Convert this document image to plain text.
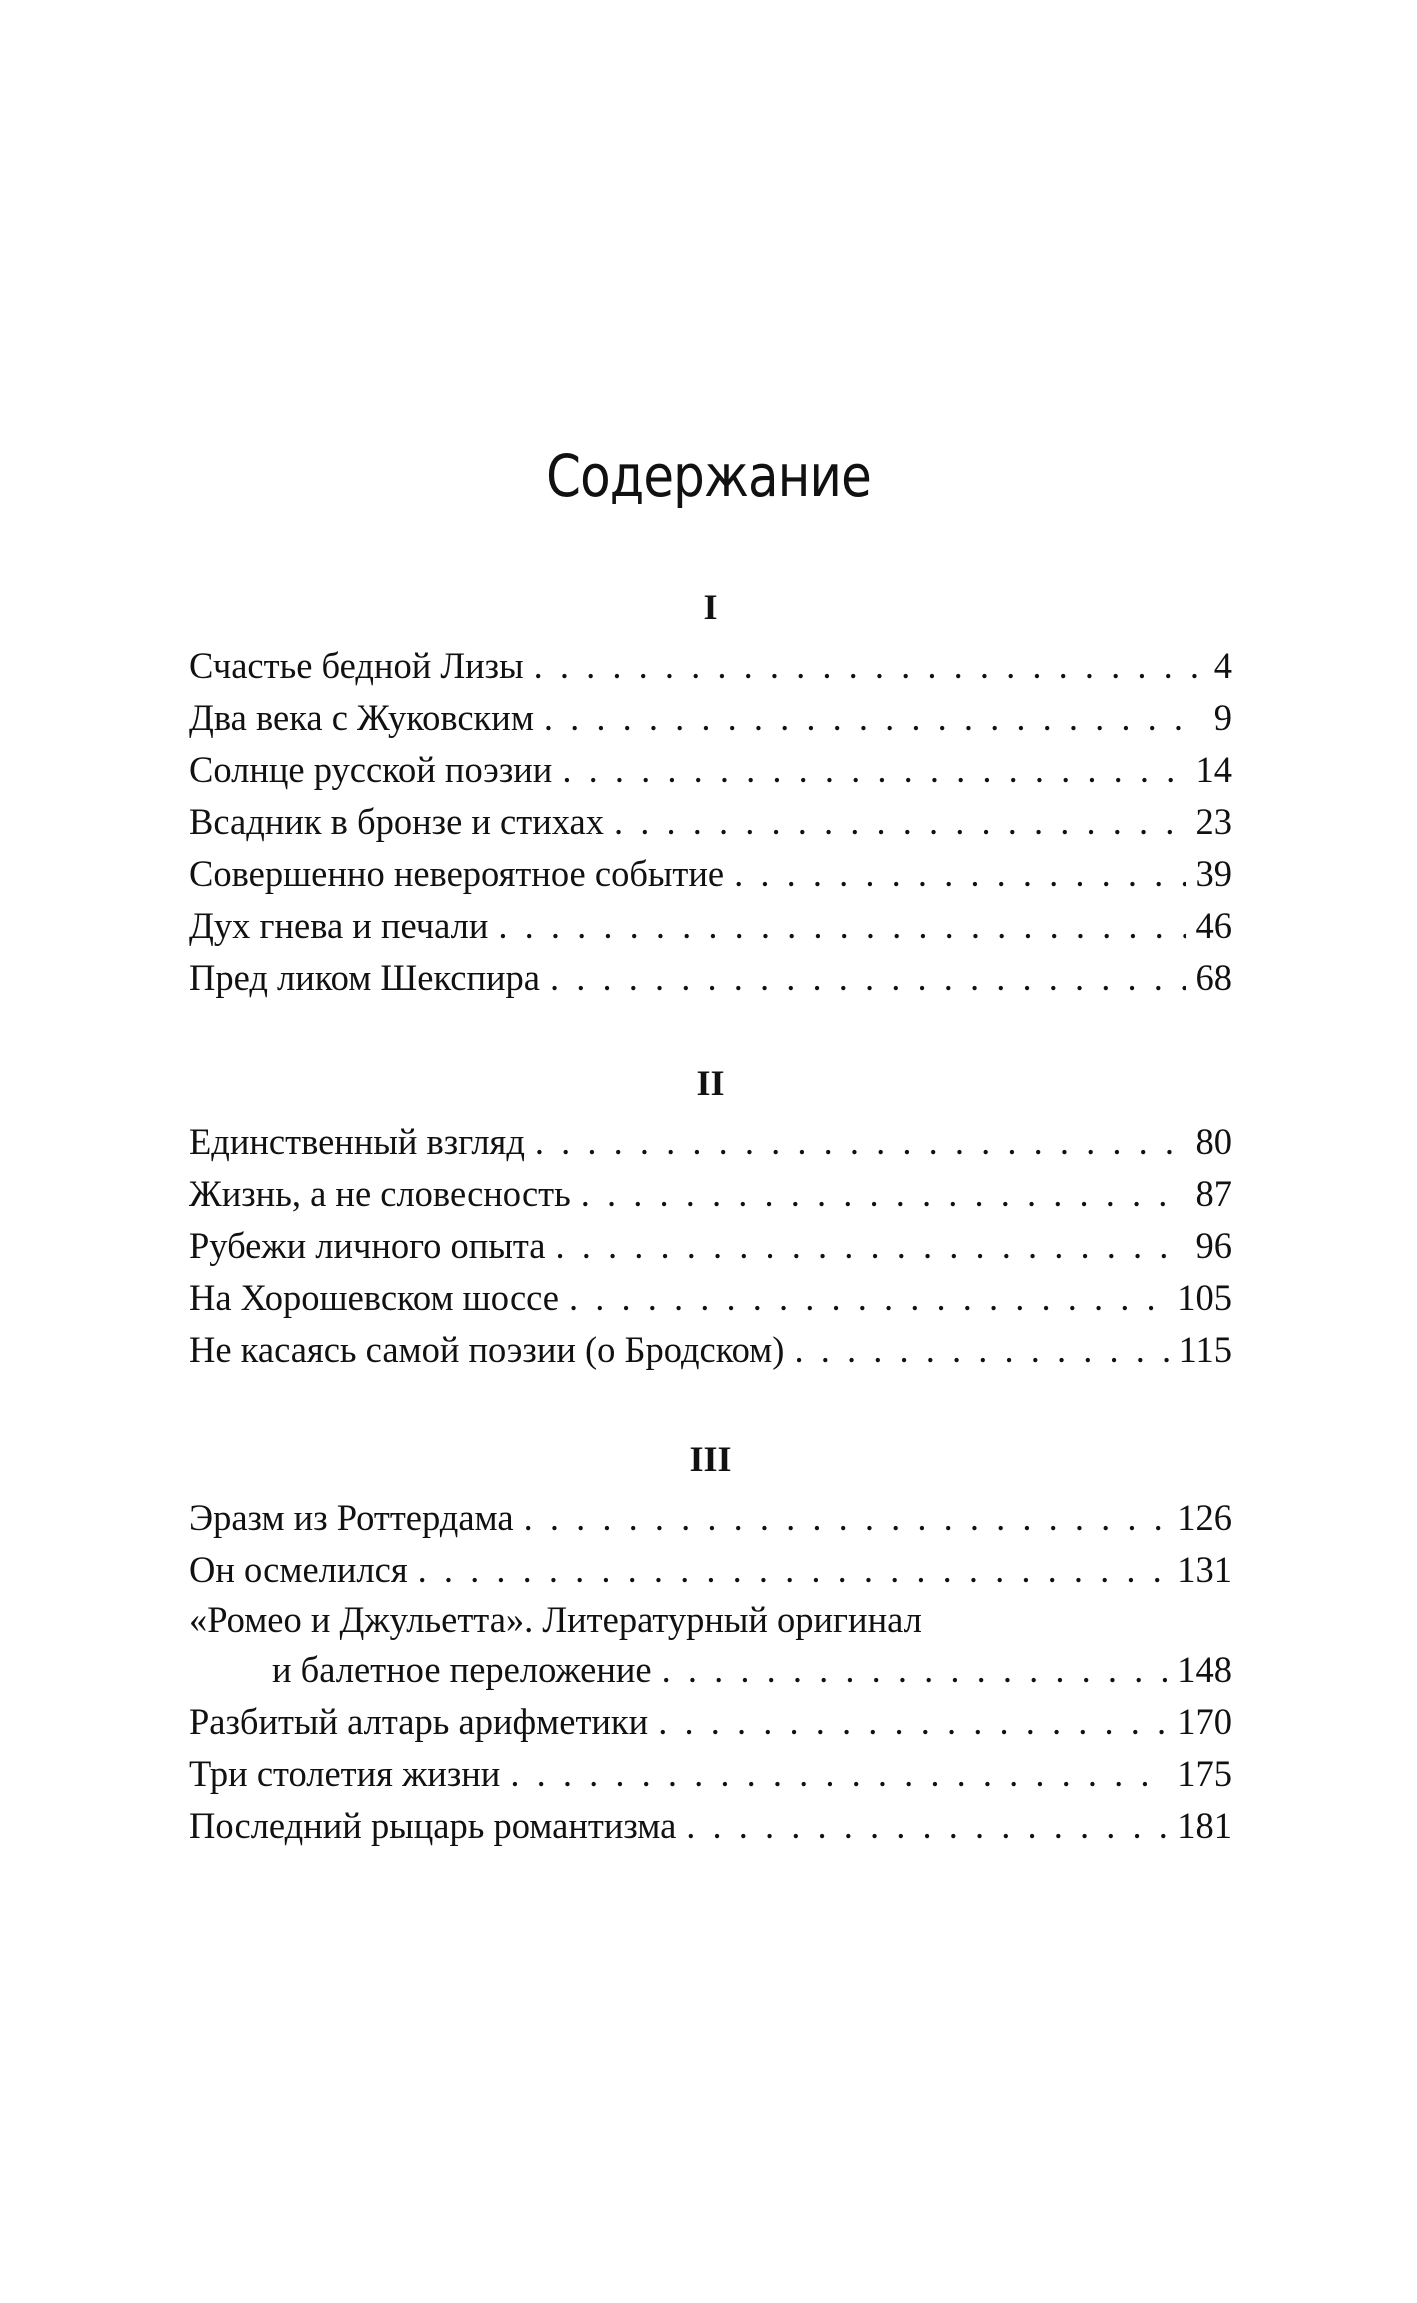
Содержание
I
Счастье бедной Лизы . . .	4
Два века с Жуковским . . .	9
Солнце русской поэзии . . .	14
Всадник в бронзе и стихах . . .	23
Совершенно невероятное событие . . .	39
Дух гнева и печали . . .	46
Пред ликом Шекспира . . .	68
II
Единственный взгляд . . .	80
Жизнь, а не словесность . . .	87
Рубежи личного опыта . . .	96
На Хорошевском шоссе . . .	105
Не касаясь самой поэзии (о Бродском) . . .	115
III
Эразм из Роттердама . . .	126
Он осмелился . . .	131
«Ромео и Джульетта». Литературный оригинал
и балетное переложение . . .	148
Разбитый алтарь арифметики . . .	170
Три столетия жизни . . .	175
Последний рыцарь романтизма . . .	181
